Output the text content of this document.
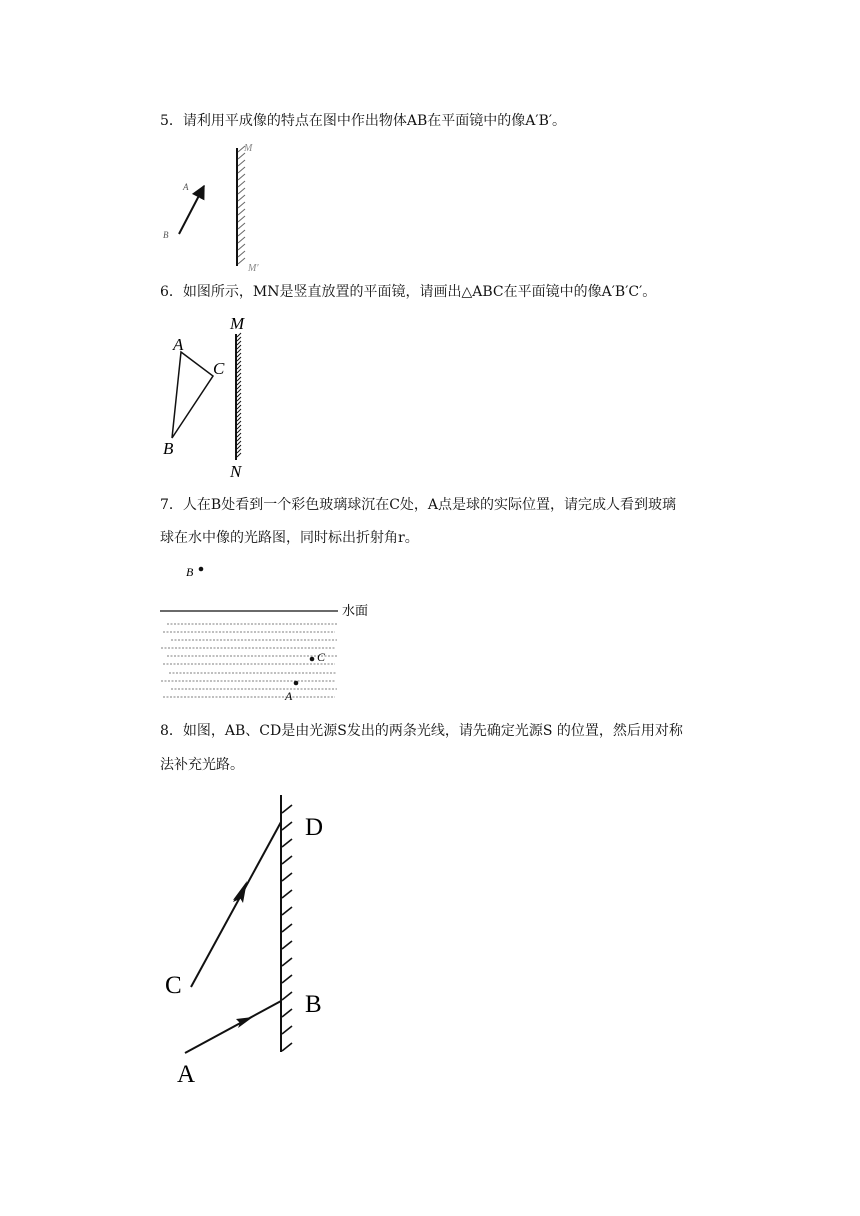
5．请利用平成像的特点在图中作出物体AB在平面镜中的像A′B′。
A
B
M
M′
6．如图所示，MN是竖直放置的平面镜，请画出△ABC在平面镜中的像A′B′C′。
A
C
B
M
N
7．人在B处看到一个彩色玻璃球沉在C处，A点是球的实际位置，请完成人看到玻璃
球在水中像的光路图，同时标出折射角r。
B
水面
C
A
8．如图，AB、CD是由光源S发出的两条光线，请先确定光源S 的位置，然后用对称
法补充光路。
D
C
B
A
